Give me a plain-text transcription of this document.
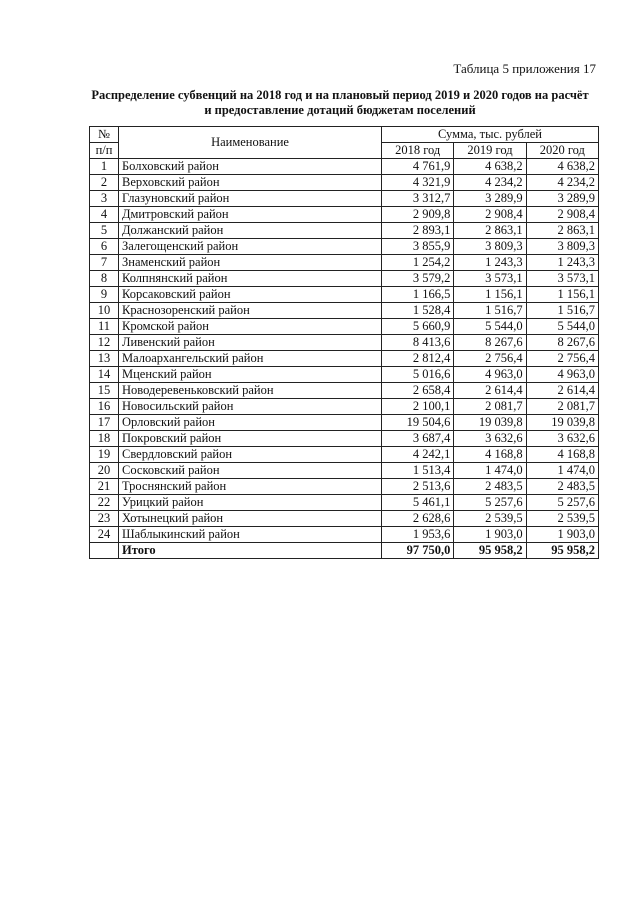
Таблица 5 приложения 17
Распределение субвенций на 2018 год и на плановый период 2019 и 2020 годов на расчёт
и предоставление дотаций бюджетам поселений
№	Наименование	Сумма, тыс. рублей		
п/п		2018 год	2019 год	2020 год
1	Болховский район	4 761,9	4 638,2	4 638,2
2	Верховский район	4 321,9	4 234,2	4 234,2
3	Глазуновский район	3 312,7	3 289,9	3 289,9
4	Дмитровский район	2 909,8	2 908,4	2 908,4
5	Должанский район	2 893,1	2 863,1	2 863,1
6	Залегощенский район	3 855,9	3 809,3	3 809,3
7	Знаменский район	1 254,2	1 243,3	1 243,3
8	Колпнянский район	3 579,2	3 573,1	3 573,1
9	Корсаковский район	1 166,5	1 156,1	1 156,1
10	Краснозоренский район	1 528,4	1 516,7	1 516,7
11	Кромской район	5 660,9	5 544,0	5 544,0
12	Ливенский район	8 413,6	8 267,6	8 267,6
13	Малоархангельский район	2 812,4	2 756,4	2 756,4
14	Мценский район	5 016,6	4 963,0	4 963,0
15	Новодеревеньковский район	2 658,4	2 614,4	2 614,4
16	Новосильский район	2 100,1	2 081,7	2 081,7
17	Орловский район	19 504,6	19 039,8	19 039,8
18	Покровский район	3 687,4	3 632,6	3 632,6
19	Свердловский район	4 242,1	4 168,8	4 168,8
20	Сосковский район	1 513,4	1 474,0	1 474,0
21	Троснянский район	2 513,6	2 483,5	2 483,5
22	Урицкий район	5 461,1	5 257,6	5 257,6
23	Хотынецкий район	2 628,6	2 539,5	2 539,5
24	Шаблыкинский район	1 953,6	1 903,0	1 903,0
	Итого	97 750,0	95 958,2	95 958,2
